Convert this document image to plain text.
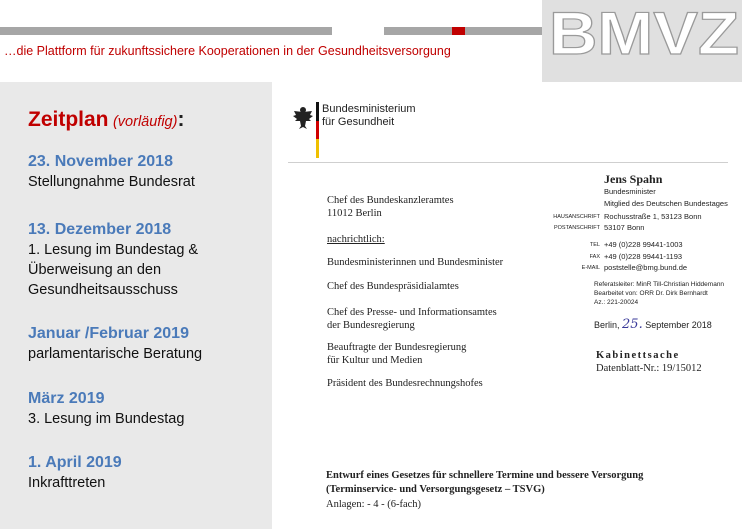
BMVZ
…die Plattform für zukunftssichere Kooperationen in der Gesundheitsversorgung
Zeitplan (vorläufig):
23. November 2018
Stellungnahme Bundesrat
13. Dezember 2018
1. Lesung im Bundestag &
Überweisung an den
Gesundheitsausschuss
Januar /Februar 2019
parlamentarische Beratung
März 2019
3. Lesung im Bundestag
1. April 2019
Inkrafttreten
Bundesministerium
für Gesundheit
Chef des Bundeskanzleramtes
11012 Berlin
nachrichtlich:
Bundesministerinnen und Bundesminister
Chef des Bundespräsidialamtes
Chef des Presse- und Informationsamtes
der Bundesregierung
Beauftragte der Bundesregierung
für Kultur und Medien
Präsident des Bundesrechnungshofes
Jens Spahn
Bundesminister
Mitglied des Deutschen Bundestages
HAUSANSCHRIFT Rochusstraße 1, 53123 Bonn
POSTANSCHRIFT 53107 Bonn
TEL +49 (0)228 99441-1003
FAX +49 (0)228 99441-1193
E-MAIL poststelle@bmg.bund.de
Referatsleiter: MinR Till-Christian Hiddemann
Bearbeitet von: ORR Dr. Dirk Bernhardt
Az.: 221-20024
Berlin, 25. September 2018
Kabinettsache
Datenblatt-Nr.: 19/15012
Entwurf eines Gesetzes für schnellere Termine und bessere Versorgung
(Terminservice- und Versorgungsgesetz – TSVG)
Anlagen: - 4 - (6-fach)
